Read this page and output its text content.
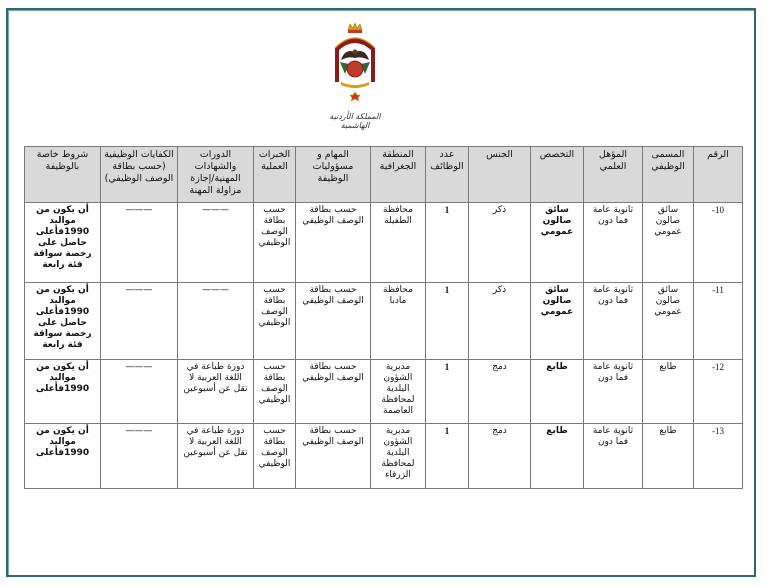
المملكة الأردنية الهاشمية
الرقم	المسمى الوظيفي	المؤهل العلمي	التخصص	الجنس	عدد الوظائف	المنطقة الجغرافية	المهام و مسؤوليات الوظيفة	الخبرات العملية	الدورات والشهادات المهنية/إجازة مزاولة المهنة	الكفايات الوظيفية (حسب بطاقة الوصف الوظيفي)	شروط خاصة بالوظيفة
-10	سائق صالون عمومي	ثانوية عامة فما دون	سائق صالون عمومي	ذكر	1	محافظة الطفيلة	حسب بطاقة الوصف الوظيفي	حسب بطاقة الوصف الوظيفي	———	———	أن يكون من مواليد 1990فأعلى حاصل على رخصة سواقة فئة رابعة
-11	سائق صالون عمومي	ثانوية عامة فما دون	سائق صالون عمومي	ذكر	1	محافظة مادبا	حسب بطاقة الوصف الوظيفي	حسب بطاقة الوصف الوظيفي	———	———	أن يكون من مواليد 1990فأعلى حاصل على رخصة سواقة فئة رابعة
-12	طابع	ثانوية عامة فما دون	طابع	دمج	1	مديرية الشؤون البلدية لمحافظة العاصمة	حسب بطاقة الوصف الوظيفي	حسب بطاقة الوصف الوظيفي	دورة طباعة في اللغة العربية لا تقل عن أسبوعين	———	أن يكون من مواليد 1990فأعلى
-13	طابع	ثانوية عامة فما دون	طابع	دمج	1	مديرية الشؤون البلدية لمحافظة الزرقاء	حسب بطاقة الوصف الوظيفي	حسب بطاقة الوصف الوظيفي	دورة طباعة في اللغة العربية لا تقل عن أسبوعين	———	أن يكون من مواليد 1990فأعلى
